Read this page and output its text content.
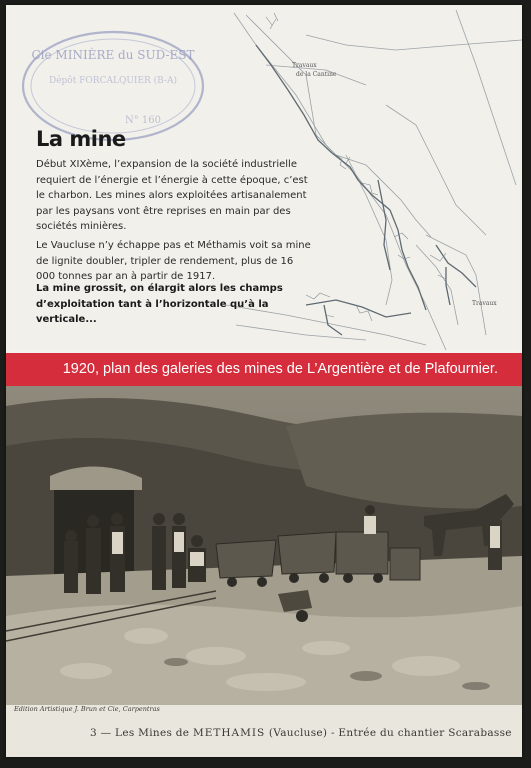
Travaux
de la Cantine
Travaux
Cie MINIÈRE du SUD-EST
Dépôt FORCALQUIER (B-A)
N° 160
La mine

Début XIXème, l’expansion de la société industrielle requiert de l’énergie et l’énergie à cette époque, c’est le charbon. Les mines alors exploitées artisanalement par les paysans vont être reprises en main par des sociétés minières.

Le Vaucluse n’y échappe pas et Méthamis voit sa mine de lignite doubler, tripler de rendement, plus de 16 000 tonnes par an à partir de 1917.

La mine grossit, on élargit alors les champs d’exploitation tant à l’horizontale qu’à la verticale...

1920, plan des galeries des mines de L’Argentière et de Plafournier.
Edition Artistique J. Brun et Cie, Carpentras
3 — Les Mines de METHAMIS (Vaucluse) - Entrée du chantier Scarabasse
